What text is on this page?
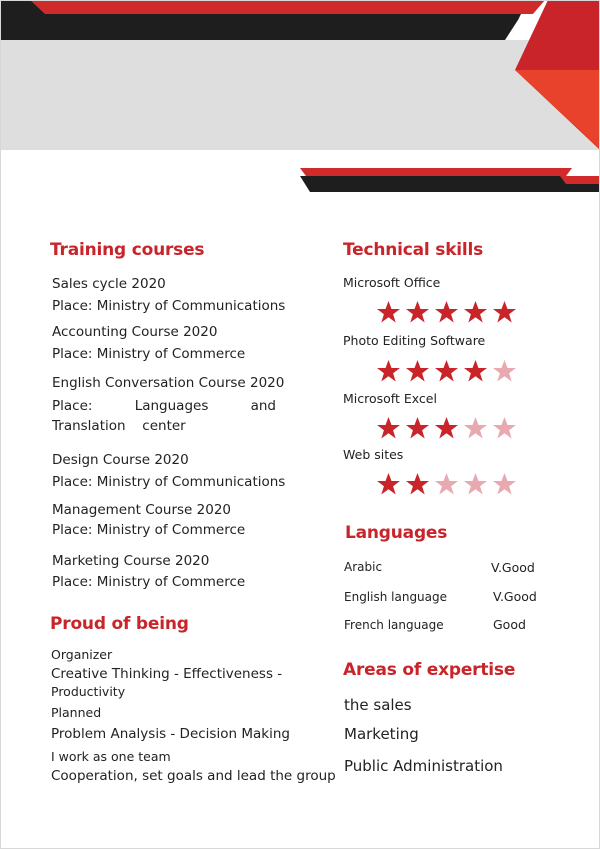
Training courses
Sales cycle 2020
Place: Ministry of Communications
Accounting Course 2020
Place: Ministry of Commerce
English Conversation Course 2020
Place: Languages and Translation	center
Design Course 2020
Place: Ministry of Communications
Management Course 2020
Place: Ministry of Commerce
Marketing Course 2020
Place: Ministry of Commerce
Proud of being
Organizer
Creative Thinking - Effectiveness -
Productivity
Planned
Problem Analysis - Decision Making
I work as one team
Cooperation, set goals and lead the group
Technical skills
Microsoft Office
Photo Editing Software
Microsoft Excel
Web sites
Languages
Arabic	V.Good
English language	V.Good
French language	Good
Areas of expertise
the sales
Marketing
Public Administration
